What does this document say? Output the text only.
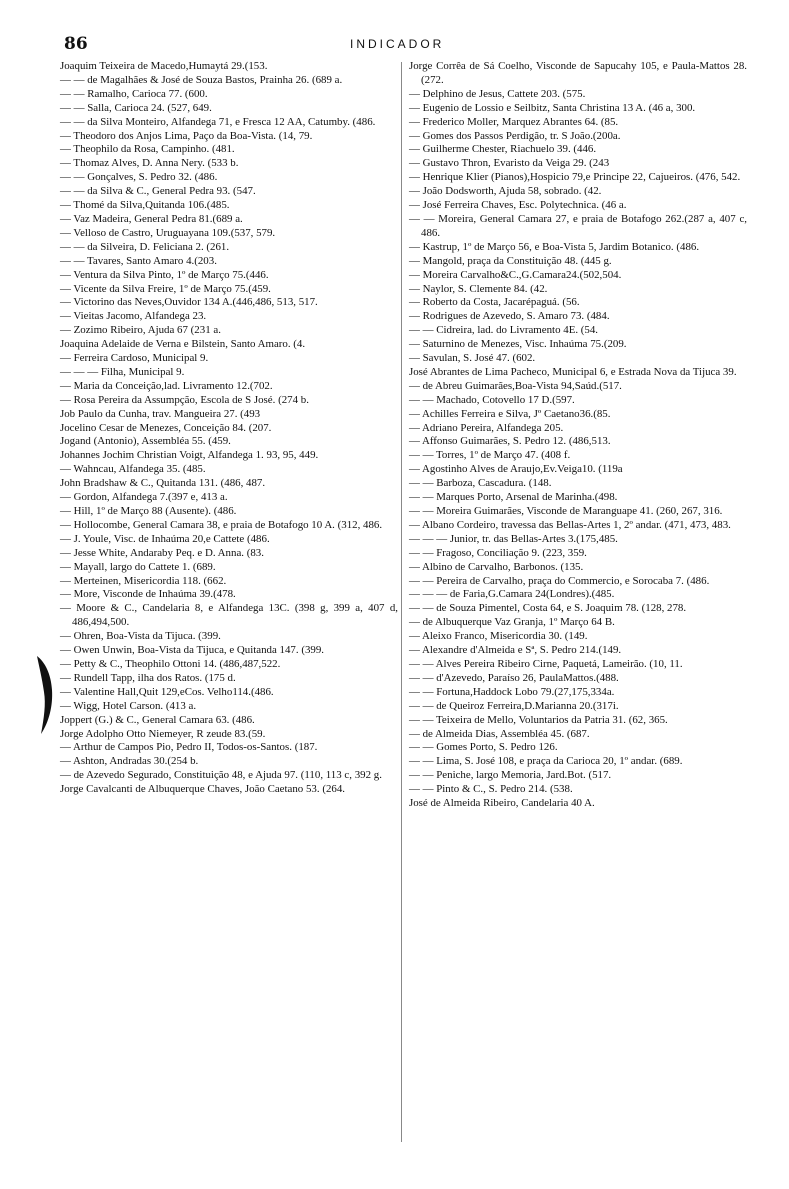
86	INDICADOR

Joaquim Teixeira de Macedo,Humaytá 29.(153.

— — de Magalhães & José de Souza Bastos, Prainha 26. (689 a.

— — Ramalho, Carioca 77. (600.

— — Salla, Carioca 24. (527, 649.

— — da Silva Monteiro, Alfandega 71, e Fresca 12 AA, Catumby. (486.

— Theodoro dos Anjos Lima, Paço da Boa-Vista. (14, 79.

— Theophilo da Rosa, Campinho. (481.

— Thomaz Alves, D. Anna Nery. (533 b.

— — Gonçalves, S. Pedro 32. (486.

— — da Silva & C., General Pedra 93. (547.

— Thomé da Silva,Quitanda 106.(485.

— Vaz Madeira, General Pedra 81.(689 a.

— Velloso de Castro, Uruguayana 109.(537, 579.

— — da Silveira, D. Feliciana 2. (261.

— — Tavares, Santo Amaro 4.(203.

— Ventura da Silva Pinto, 1º de Março 75.(446.

— Vicente da Silva Freire, 1º de Março 75.(459.

— Victorino das Neves,Ouvidor 134 A.(446,486, 513, 517.

— Vieitas Jacomo, Alfandega 23.

— Zozimo Ribeiro, Ajuda 67 (231 a.

Joaquina Adelaide de Verna e Bilstein, Santo Amaro. (4.

— Ferreira Cardoso, Municipal 9.

— — — Filha, Municipal 9.

— Maria da Conceição,lad. Livramento 12.(702.

— Rosa Pereira da Assumpção, Escola de S José. (274 b.

Job Paulo da Cunha, trav. Mangueira 27. (493

Jocelino Cesar de Menezes, Conceição 84. (207.

Jogand (Antonio), Assembléa 55. (459.

Johannes Jochim Christian Voigt, Alfandega 1. 93, 95, 449.

— Wahncau, Alfandega 35. (485.

John Bradshaw & C., Quitanda 131. (486, 487.

— Gordon, Alfandega 7.(397 e, 413 a.

— Hill, 1º de Março 88 (Ausente). (486.

— Hollocombe, General Camara 38, e praia de Botafogo 10 A. (312, 486.

— J. Youle, Visc. de Inhaúma 20,e Cattete (486.

— Jesse White, Andaraby Peq. e D. Anna. (83.

— Mayall, largo do Cattete 1. (689.

— Merteinen, Misericordia 118. (662.

— More, Visconde de Inhaúma 39.(478.

— Moore & C., Candelaria 8, e Alfandega 13C. (398 g, 399 a, 407 d, 486,494,500.

— Ohren, Boa-Vista da Tijuca. (399.

— Owen Unwin, Boa-Vista da Tijuca, e Quitanda 147. (399.

— Petty & C., Theophilo Ottoni 14. (486,487,522.

— Rundell Tapp, ilha dos Ratos. (175 d.

— Valentine Hall,Quit 129,eCos. Velho114.(486.

— Wigg, Hotel Carson. (413 a.

Joppert (G.) & C., General Camara 63. (486.

Jorge Adolpho Otto Niemeyer, R zeude 83.(59.

— Arthur de Campos Pio, Pedro II, Todos-os-Santos. (187.

— Ashton, Andradas 30.(254 b.

— de Azevedo Segurado, Constituição 48, e Ajuda 97. (110, 113 c, 392 g.

Jorge Cavalcanti de Albuquerque Chaves, João Caetano 53. (264.

Jorge Corrêa de Sá Coelho, Visconde de Sapucahy 105, e Paula-Mattos 28.(272.

— Delphino de Jesus, Cattete 203. (575.

— Eugenio de Lossio e Seilbitz, Santa Christina 13 A. (46 a, 300.

— Frederico Moller, Marquez Abrantes 64. (85.

— Gomes dos Passos Perdigão, tr. S João.(200a.

— Guilherme Chester, Riachuelo 39. (446.

— Gustavo Thron, Evaristo da Veiga 29. (243

— Henrique Klier (Pianos),Hospicio 79,e Principe 22, Cajueiros. (476, 542.

— João Dodsworth, Ajuda 58, sobrado. (42.

— José Ferreira Chaves, Esc. Polytechnica. (46 a.

— — Moreira, General Camara 27, e praia de Botafogo 262.(287 a, 407 c, 486.

— Kastrup, 1º de Março 56, e Boa-Vista 5, Jardim Botanico. (486.

— Mangold, praça da Constituição 48. (445 g.

— Moreira Carvalho&C.,G.Camara24.(502,504.

— Naylor, S. Clemente 84. (42.

— Roberto da Costa, Jacarépaguá. (56.

— Rodrigues de Azevedo, S. Amaro 73. (484.

— — Cidreira, lad. do Livramento 4E. (54.

— Saturnino de Menezes, Visc. Inhaúma 75.(209.

— Savulan, S. José 47. (602.

José Abrantes de Lima Pacheco, Municipal 6, e Estrada Nova da Tijuca 39.

— de Abreu Guimarães,Boa-Vista 94,Saúd.(517.

— — Machado, Cotovello 17 D.(597.

— Achilles Ferreira e Silva, Jº Caetano36.(85.

— Adriano Pereira, Alfandega 205.

— Affonso Guimarães, S. Pedro 12. (486,513.

— — Torres, 1º de Março 47. (408 f.

— Agostinho Alves de Araujo,Ev.Veiga10. (119a

— — Barboza, Cascadura. (148.

— — Marques Porto, Arsenal de Marinha.(498.

— — Moreira Guimarães, Visconde de Maranguape 41. (260, 267, 316.

— Albano Cordeiro, travessa das Bellas-Artes 1, 2º andar. (471, 473, 483.

— — — Junior, tr. das Bellas-Artes 3.(175,485.

— — Fragoso, Conciliação 9. (223, 359.

— Albino de Carvalho, Barbonos. (135.

— — Pereira de Carvalho, praça do Commercio, e Sorocaba 7. (486.

— — — de Faria,G.Camara 24(Londres).(485.

— — de Souza Pimentel, Costa 64, e S. Joaquim 78. (128, 278.

— de Albuquerque Vaz Granja, 1º Março 64 B.

— Aleixo Franco, Misericordia 30. (149.

— Alexandre d'Almeida e Sª, S. Pedro 214.(149.

— — Alves Pereira Ribeiro Cirne, Paquetá, Lameirão. (10, 11.

— — d'Azevedo, Paraíso 26, PaulaMattos.(488.

— — Fortuna,Haddock Lobo 79.(27,175,334a.

— — de Queiroz Ferreira,D.Marianna 20.(317i.

— — Teixeira de Mello, Voluntarios da Patria 31. (62, 365.

— de Almeida Dias, Assembléa 45. (687.

— — Gomes Porto, S. Pedro 126.

— — Lima, S. José 108, e praça da Carioca 20, 1º andar. (689.

— — Peniche, largo Memoria, Jard.Bot. (517.

— — Pinto & C., S. Pedro 214. (538.

José de Almeida Ribeiro, Candelaria 40 A.
